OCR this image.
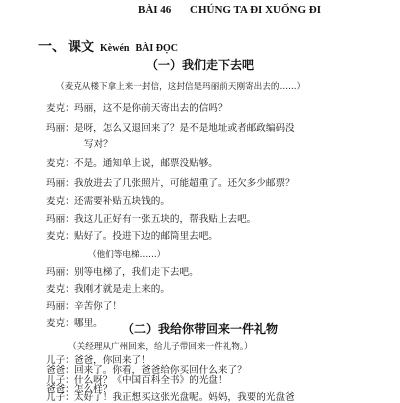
BÀI 46 CHÚNG TA ĐI XUỐNG ĐI
一、 课文 Kèwén BÀI ĐỌC
（一）我们走下去吧
（麦克从楼下拿上来一封信，这封信是玛丽前天刚寄出去的……）
麦克：玛丽，这不是你前天寄出去的信吗？
玛丽：是呀，怎么又退回来了？是不是地址或者邮政编码没
写对？
麦克：不是。通知单上说，邮票没贴够。
玛丽：我放进去了几张照片，可能超重了。还欠多少邮票？
麦克：还需要补贴五块钱的。
玛丽：我这儿正好有一张五块的，帮我贴上去吧。
麦克：贴好了。投进下边的邮筒里去吧。
（他们等电梯……）
玛丽：别等电梯了，我们走下去吧。
麦克：我刚才就是走上来的。
玛丽：辛苦你了！
麦克：哪里。	（二）我给你带回来一件礼物
（关经理从广州回来，给儿子带回来一件礼物。）
儿子：爸爸，你回来了！
爸爸：回来了。你看，爸爸给你买回什么来了？
儿子：什么呀？《中国百科全书》的光盘！
爸爸：怎么样？
儿子：太好了！我正想买这张光盘呢。妈妈，我要的光盘爸
